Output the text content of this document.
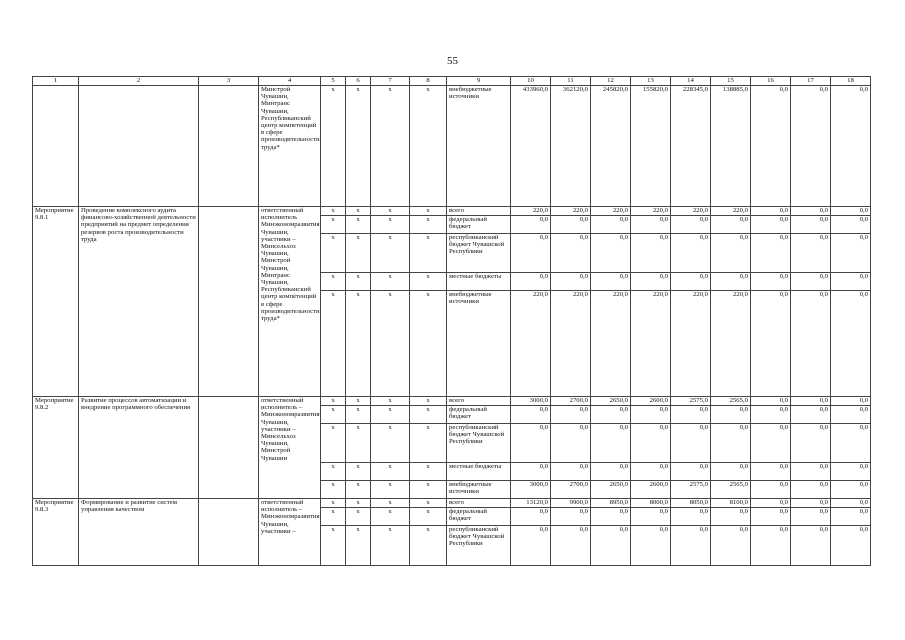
55
1	2	3	4	5	6	7	8	9	10	11	12	13	14	15	16	17	18
			Минстрой Чувашии, Минтранс Чувашии, Республиканский центр компетенций в сфере производительности труда*	х	х	х	х	внебюджетные источники	433960,0	362120,0	245820,0	155820,0	228345,0	138885,0	0,0	0,0	0,0
Мероприятие 9.8.1	Проведение комплексного аудита финансово-хозяйственной деятельности предприятий на предмет определения резервов роста производительности труда		ответственный исполнитель Минэкономразвития Чувашии, участники – Минсельхоз Чувашии, Минстрой Чувашии, Минтранс Чувашии, Республиканский центр компетенций в сфере производительности труда*	х	х	х	х	всего	220,0	220,0	220,0	220,0	220,0	220,0	0,0	0,0	0,0
				х	х	х	х	федеральный бюджет	0,0	0,0	0,0	0,0	0,0	0,0	0,0	0,0	0,0
				х	х	х	х	республиканский бюджет Чувашской Республики	0,0	0,0	0,0	0,0	0,0	0,0	0,0	0,0	0,0
				х	х	х	х	местные бюджеты	0,0	0,0	0,0	0,0	0,0	0,0	0,0	0,0	0,0
				х	х	х	х	внебюджетные источники	220,0	220,0	220,0	220,0	220,0	220,0	0,0	0,0	0,0
Мероприятие 9.8.2	Развитие процессов автоматизации и внедрение программного обеспечения		ответственный исполнитель – Минэкономразвития Чувашии, участники – Минсельхоз Чувашии, Минстрой Чувашии	х	х	х	х	всего	3000,0	2700,0	2650,0	2600,0	2575,0	2565,0	0,0	0,0	0,0
				х	х	х	х	федеральный бюджет	0,0	0,0	0,0	0,0	0,0	0,0	0,0	0,0	0,0
				х	х	х	х	республиканский бюджет Чувашской Республики	0,0	0,0	0,0	0,0	0,0	0,0	0,0	0,0	0,0
				х	х	х	х	местные бюджеты	0,0	0,0	0,0	0,0	0,0	0,0	0,0	0,0	0,0
				х	х	х	х	внебюджетные источники	3000,0	2700,0	2650,0	2600,0	2575,0	2565,0	0,0	0,0	0,0
Мероприятие 9.8.3	Формирование и развитие систем управления качеством		ответственный исполнитель – Минэкономразвития Чувашии, участники –	х	х	х	х	всего	13120,0	9900,0	8950,0	8000,0	8050,0	8100,0	0,0	0,0	0,0
				х	х	х	х	федеральный бюджет	0,0	0,0	0,0	0,0	0,0	0,0	0,0	0,0	0,0
				х	х	х	х	республиканский бюджет Чувашской Республики	0,0	0,0	0,0	0,0	0,0	0,0	0,0	0,0	0,0
